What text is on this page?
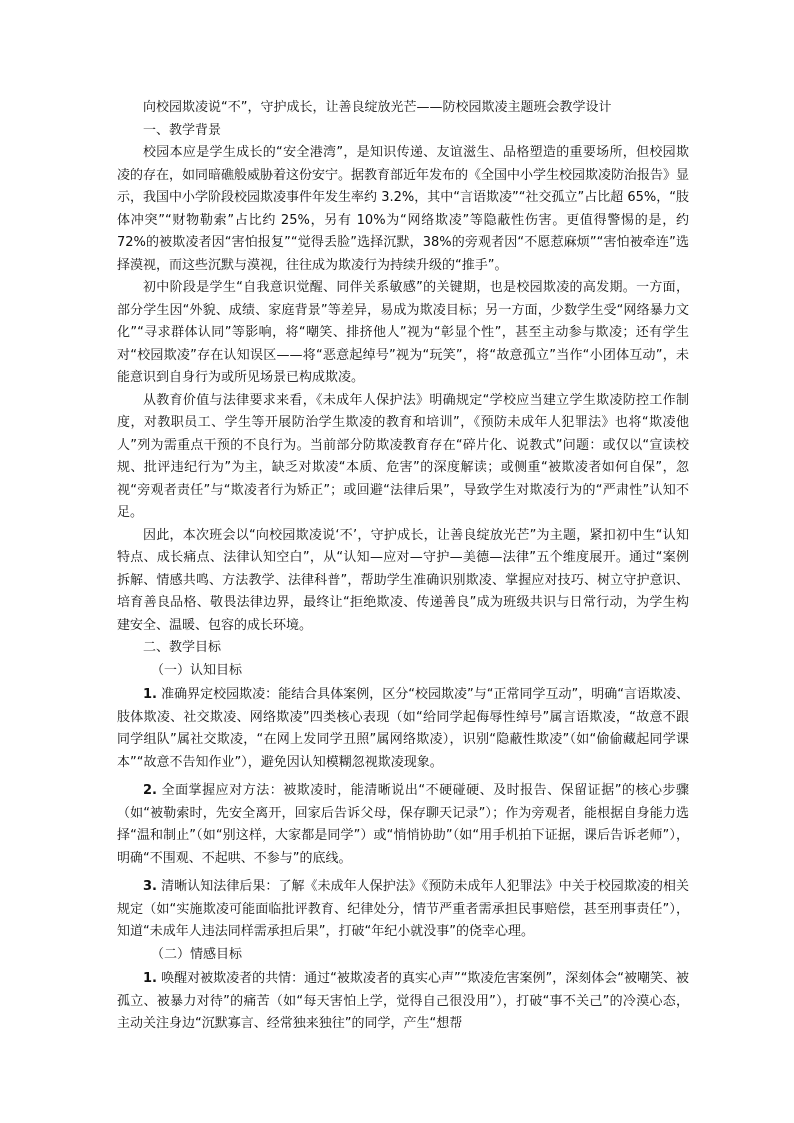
向校园欺凌说“不”，守护成长，让善良绽放光芒——防校园欺凌主题班会教学设计

一、教学背景

校园本应是学生成长的“安全港湾”，是知识传递、友谊滋生、品格塑造的重要场所，但校园欺凌的存在，如同暗礁般威胁着这份安宁。据教育部近年发布的《全国中小学生校园欺凌防治报告》显示，我国中小学阶段校园欺凌事件年发生率约 3.2%，其中“言语欺凌”“社交孤立”占比超 65%，“肢体冲突”“财物勒索”占比约 25%，另有 10%为“网络欺凌”等隐蔽性伤害。更值得警惕的是，约 72%的被欺凌者因“害怕报复”“觉得丢脸”选择沉默，38%的旁观者因“不愿惹麻烦”“害怕被牵连”选择漠视，而这些沉默与漠视，往往成为欺凌行为持续升级的“推手”。

初中阶段是学生“自我意识觉醒、同伴关系敏感”的关键期，也是校园欺凌的高发期。一方面，部分学生因“外貌、成绩、家庭背景”等差异，易成为欺凌目标；另一方面，少数学生受“网络暴力文化”“寻求群体认同”等影响，将“嘲笑、排挤他人”视为“彰显个性”，甚至主动参与欺凌；还有学生对“校园欺凌”存在认知误区——将“恶意起绰号”视为“玩笑”，将“故意孤立”当作“小团体互动”，未能意识到自身行为或所见场景已构成欺凌。

从教育价值与法律要求来看，《未成年人保护法》明确规定“学校应当建立学生欺凌防控工作制度，对教职员工、学生等开展防治学生欺凌的教育和培训”，《预防未成年人犯罪法》也将“欺凌他人”列为需重点干预的不良行为。当前部分防欺凌教育存在“碎片化、说教式”问题：或仅以“宣读校规、批评违纪行为”为主，缺乏对欺凌“本质、危害”的深度解读；或侧重“被欺凌者如何自保”，忽视“旁观者责任”与“欺凌者行为矫正”；或回避“法律后果”，导致学生对欺凌行为的“严肃性”认知不足。

因此，本次班会以“向校园欺凌说‘不’，守护成长，让善良绽放光芒”为主题，紧扣初中生“认知特点、成长痛点、法律认知空白”，从“认知—应对—守护—美德—法律”五个维度展开。通过“案例拆解、情感共鸣、方法教学、法律科普”，帮助学生准确识别欺凌、掌握应对技巧、树立守护意识、培育善良品格、敬畏法律边界，最终让“拒绝欺凌、传递善良”成为班级共识与日常行动，为学生构建安全、温暖、包容的成长环境。

二、教学目标

（一）认知目标

1. 准确界定校园欺凌：能结合具体案例，区分“校园欺凌”与“正常同学互动”，明确“言语欺凌、肢体欺凌、社交欺凌、网络欺凌”四类核心表现（如“给同学起侮辱性绰号”属言语欺凌，“故意不跟同学组队”属社交欺凌，“在网上发同学丑照”属网络欺凌），识别“隐蔽性欺凌”（如“偷偷藏起同学课本”“故意不告知作业”），避免因认知模糊忽视欺凌现象。

2. 全面掌握应对方法：被欺凌时，能清晰说出“不硬碰硬、及时报告、保留证据”的核心步骤（如“被勒索时，先安全离开，回家后告诉父母，保存聊天记录”）；作为旁观者，能根据自身能力选择“温和制止”（如“别这样，大家都是同学”）或“悄悄协助”（如“用手机拍下证据，课后告诉老师”），明确“不围观、不起哄、不参与”的底线。

3. 清晰认知法律后果：了解《未成年人保护法》《预防未成年人犯罪法》中关于校园欺凌的相关规定（如“实施欺凌可能面临批评教育、纪律处分，情节严重者需承担民事赔偿，甚至刑事责任”），知道“未成年人违法同样需承担后果”，打破“年纪小就没事”的侥幸心理。

（二）情感目标

1. 唤醒对被欺凌者的共情：通过“被欺凌者的真实心声”“欺凌危害案例”，深刻体会“被嘲笑、被孤立、被暴力对待”的痛苦（如“每天害怕上学，觉得自己很没用”），打破“事不关己”的冷漠心态，主动关注身边“沉默寡言、经常独来独往”的同学，产生“想帮
